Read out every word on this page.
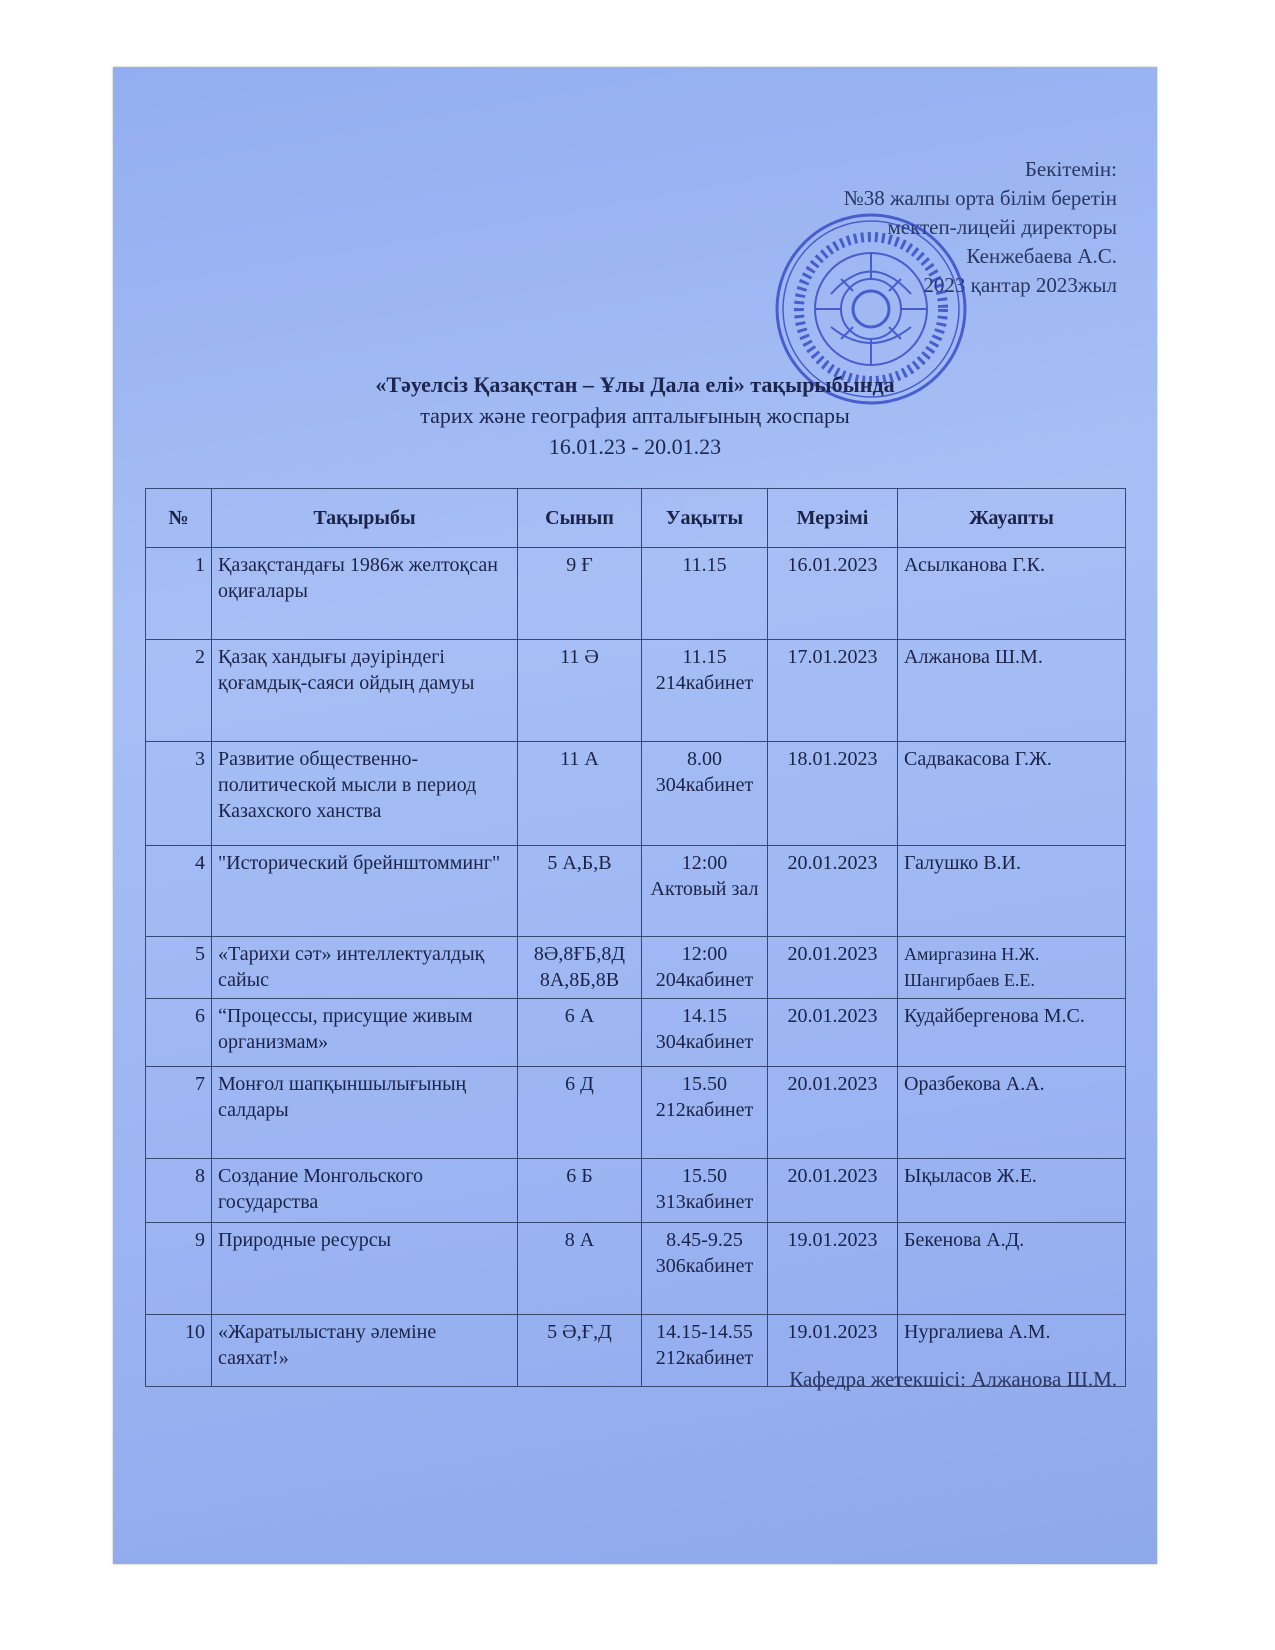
Бекітемін:
№38 жалпы орта білім беретін
мектеп-лицейі директоры
Кенжебаева А.С.
2023 қантар 2023жыл
«Тәуелсіз Қазақстан – Ұлы Дала елі» тақырыбында
тарих және география апталығының жоспары
16.01.23 - 20.01.23
№	Тақырыбы	Сынып	Уақыты	Мерзімі	Жауапты
1	Қазақстандағы 1986ж желтоқсан оқиғалары	9 Ғ	11.15	16.01.2023	Асылканова Г.К.
2	Қазақ хандығы дәуіріндегі қоғамдық-саяси ойдың дамуы	11 Ә	11.15 214кабинет	17.01.2023	Алжанова Ш.М.
3	Развитие общественно-политической мысли в период Казахского ханства	11 А	8.00 304кабинет	18.01.2023	Садвакасова Г.Ж.
4	"Исторический брейнштомминг"	5 А,Б,В	12:00 Актовый зал	20.01.2023	Галушко В.И.
5	«Тарихи сәт» интеллектуалдық сайыс	8Ә,8ҒБ,8Д 8А,8Б,8В	12:00 204кабинет	20.01.2023	Амиргазина Н.Ж. Шангирбаев Е.Е.
6	“Процессы, присущие живым организмам»	6 А	14.15 304кабинет	20.01.2023	Кудайбергенова М.С.
7	Монғол шапқыншылығының салдары	6 Д	15.50 212кабинет	20.01.2023	Оразбекова А.А.
8	Создание Монгольского государства	6 Б	15.50 313кабинет	20.01.2023	Ықыласов Ж.Е.
9	Природные ресурсы	8 А	8.45-9.25 306кабинет	19.01.2023	Бекенова А.Д.
10	«Жаратылыстану әлеміне саяхат!»	5 Ә,Ғ,Д	14.15-14.55 212кабинет	19.01.2023	Нургалиева А.М.
Кафедра жетекшісі: Алжанова Ш.М.
